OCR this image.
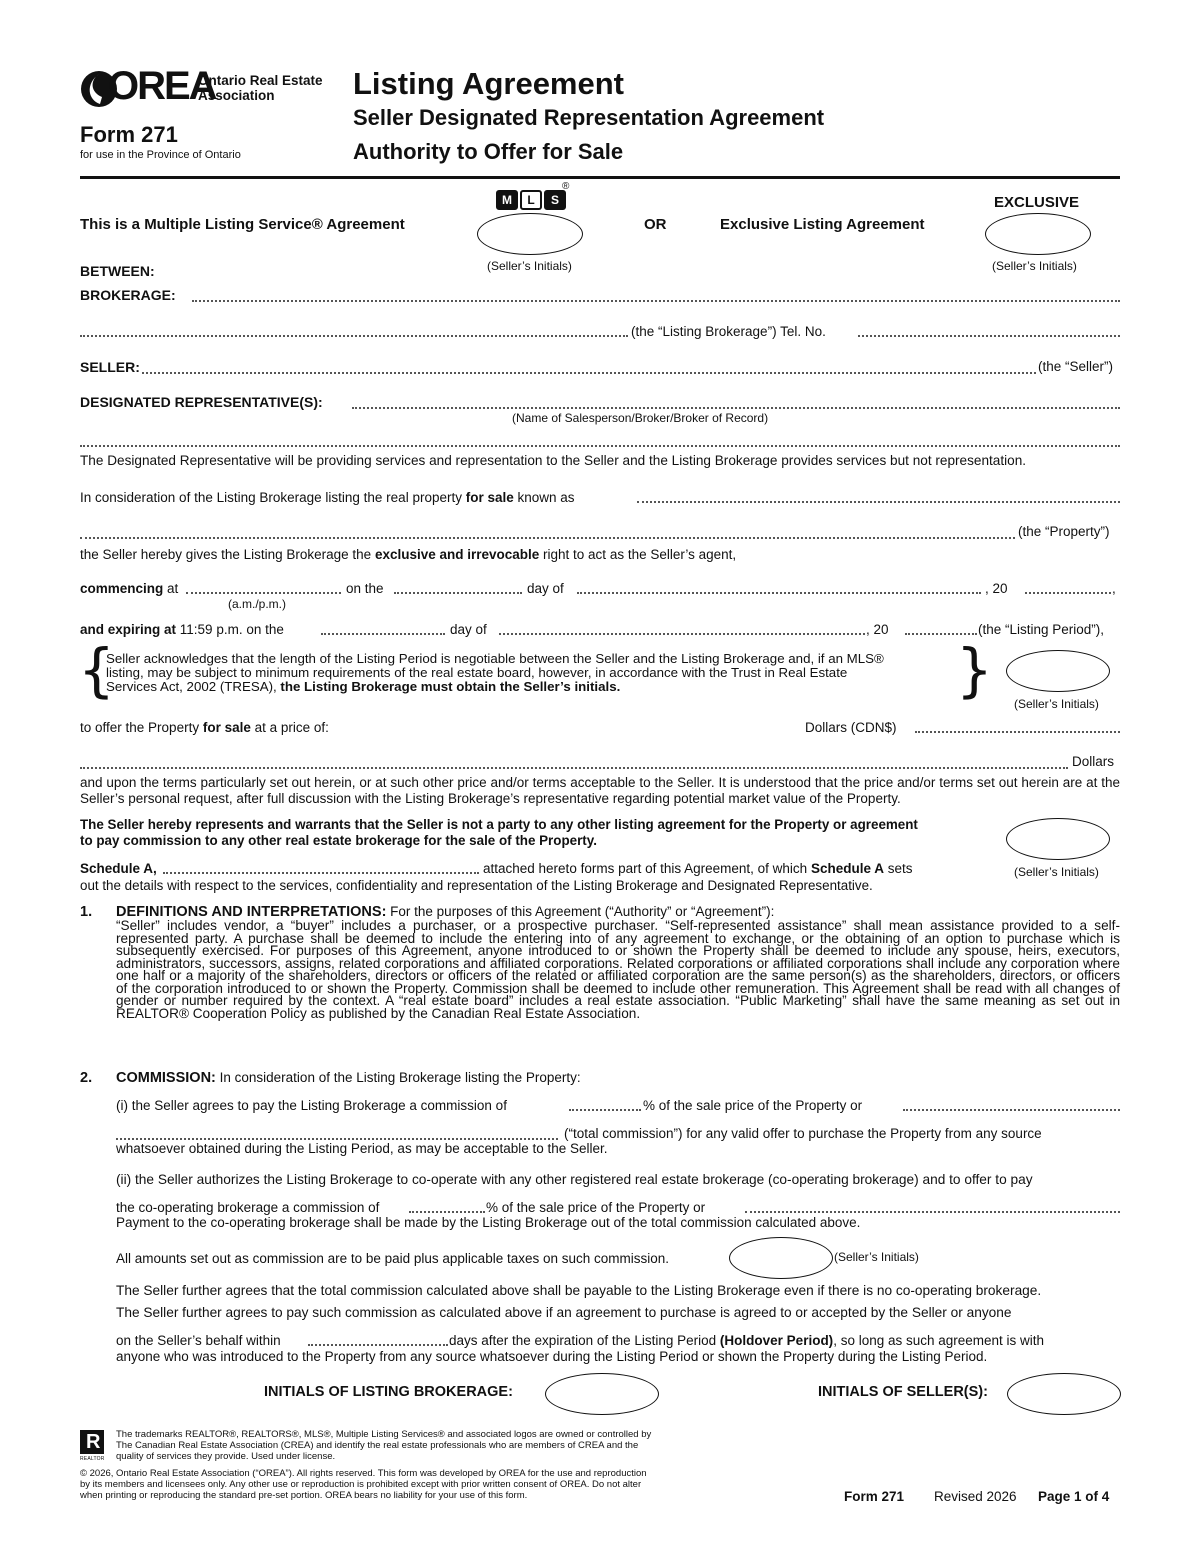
OREA
Ontario Real Estate
Association
Form 271
for use in the Province of Ontario
Listing Agreement
Seller Designated Representation Agreement
Authority to Offer for Sale
This is a Multiple Listing Service® Agreement
M L S
®
(Seller’s Initials)
OR	Exclusive Listing Agreement
EXCLUSIVE
(Seller’s Initials)
BETWEEN:
BROKERAGE:
(the “Listing Brokerage”) Tel. No.
SELLER:	(the “Seller”)
DESIGNATED REPRESENTATIVE(S):
(Name of Salesperson/Broker/Broker of Record)
The Designated Representative will be providing services and representation to the Seller and the Listing Brokerage provides services but not representation.
In consideration of the Listing Brokerage listing the real property for sale known as
(the “Property”)
the Seller hereby gives the Listing Brokerage the exclusive and irrevocable right to act as the Seller’s agent,
commencing at
(a.m./p.m.)
on the	day of	, 20	,
and expiring at 11:59 p.m. on the	day of	, 20	(the “Listing Period”),
{	}
Seller acknowledges that the length of the Listing Period is negotiable between the Seller and the Listing Brokerage and, if an MLS®
listing, may be subject to minimum requirements of the real estate board, however, in accordance with the Trust in Real Estate
Services Act, 2002 (TRESA), the Listing Brokerage must obtain the Seller’s initials.
(Seller’s Initials)
to offer the Property for sale at a price of:	Dollars (CDN$)
Dollars
and upon the terms particularly set out herein, or at such other price and/or terms acceptable to the Seller. It is understood that the price and/or terms set out herein are at the Seller’s personal request, after full discussion with the Listing Brokerage’s representative regarding potential market value of the Property.
The Seller hereby represents and warrants that the Seller is not a party to any other listing agreement for the Property or agreement
to pay commission to any other real estate brokerage for the sale of the Property.
(Seller’s Initials)
Schedule A,	attached hereto forms part of this Agreement, of which Schedule A sets
out the details with respect to the services, confidentiality and representation of the Listing Brokerage and Designated Representative.
1. DEFINITIONS AND INTERPRETATIONS: For the purposes of this Agreement (“Authority” or “Agreement”):
“Seller” includes vendor, a “buyer” includes a purchaser, or a prospective purchaser. “Self-represented assistance” shall mean assistance provided to a self-represented party. A purchase shall be deemed to include the entering into of any agreement to exchange, or the obtaining of an option to purchase which is subsequently exercised. For purposes of this Agreement, anyone introduced to or shown the Property shall be deemed to include any spouse, heirs, executors, administrators, successors, assigns, related corporations and affiliated corporations. Related corporations or affiliated corporations shall include any corporation where one half or a majority of the shareholders, directors or officers of the related or affiliated corporation are the same person(s) as the shareholders, directors, or officers of the corporation introduced to or shown the Property. Commission shall be deemed to include other remuneration. This Agreement shall be read with all changes of gender or number required by the context. A “real estate board” includes a real estate association. “Public Marketing” shall have the same meaning as set out in REALTOR® Cooperation Policy as published by the Canadian Real Estate Association.
2. COMMISSION: In consideration of the Listing Brokerage listing the Property:
(i) the Seller agrees to pay the Listing Brokerage a commission of	% of the sale price of the Property or
(“total commission”) for any valid offer to purchase the Property from any source
whatsoever obtained during the Listing Period, as may be acceptable to the Seller.
(ii) the Seller authorizes the Listing Brokerage to co-operate with any other registered real estate brokerage (co-operating brokerage) and to offer to pay
the co-operating brokerage a commission of	% of the sale price of the Property or
Payment to the co-operating brokerage shall be made by the Listing Brokerage out of the total commission calculated above.
All amounts set out as commission are to be paid plus applicable taxes on such commission.	(Seller’s Initials)
The Seller further agrees that the total commission calculated above shall be payable to the Listing Brokerage even if there is no co-operating brokerage.
The Seller further agrees to pay such commission as calculated above if an agreement to purchase is agreed to or accepted by the Seller or anyone
on the Seller’s behalf within	days after the expiration of the Listing Period (Holdover Period), so long as such agreement is with
anyone who was introduced to the Property from any source whatsoever during the Listing Period or shown the Property during the Listing Period.
INITIALS OF LISTING BROKERAGE:	INITIALS OF SELLER(S):
R
REALTOR
The trademarks REALTOR®, REALTORS®, MLS®, Multiple Listing Services® and associated logos are owned or controlled by
The Canadian Real Estate Association (CREA) and identify the real estate professionals who are members of CREA and the
quality of services they provide. Used under license.
© 2026, Ontario Real Estate Association (“OREA”). All rights reserved. This form was developed by OREA for the use and reproduction
by its members and licensees only. Any other use or reproduction is prohibited except with prior written consent of OREA. Do not alter
when printing or reproducing the standard pre-set portion. OREA bears no liability for your use of this form.	Form 271 Revised 2026 Page 1 of 4
